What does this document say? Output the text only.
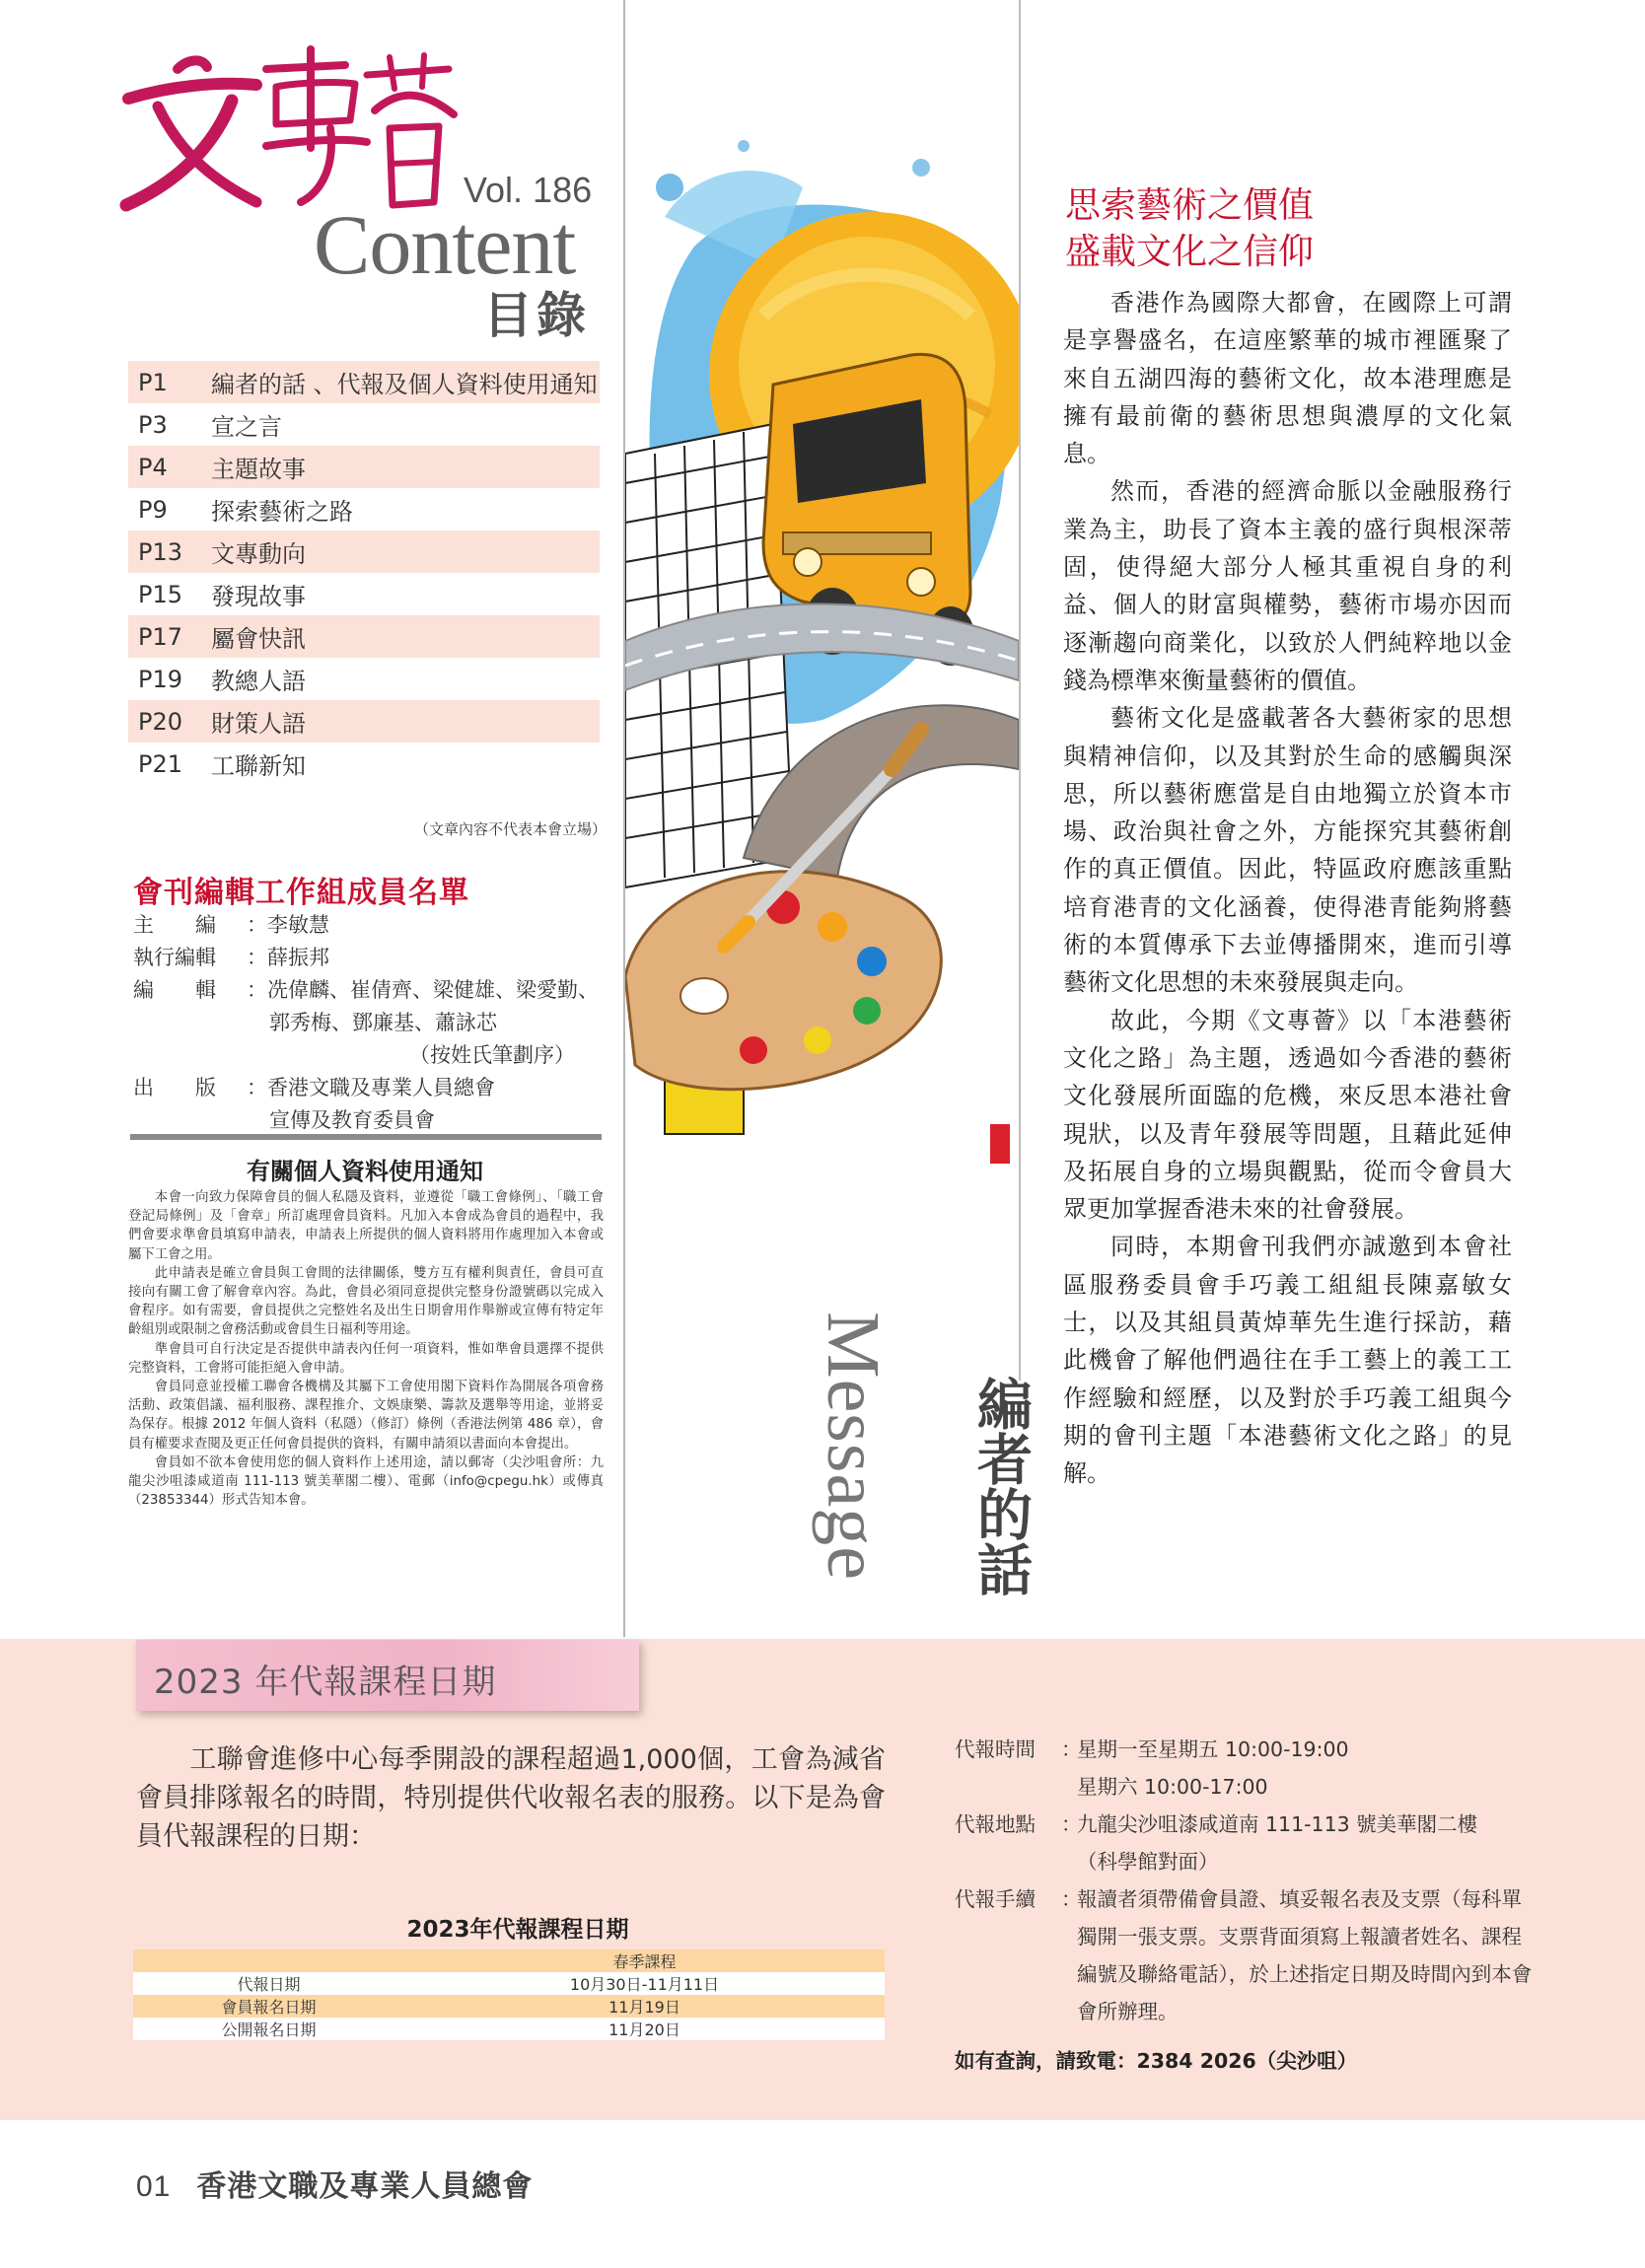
Vol. 186
Content
目錄
P1	編者的話 、代報及個人資料使用通知
P3	宣之言
P4	主題故事
P9	探索藝術之路
P13	文專動向
P15	發現故事
P17	屬會快訊
P19	教總人語
P20	財策人語
P21	工聯新知
（文章內容不代表本會立場）
會刊編輯工作組成員名單
主　　編	： 李敏慧
執行編輯	： 薛振邦
編　　輯	： 冼偉麟、崔倩齊、梁健雄、梁愛勤、
郭秀梅、鄧廉基、蕭詠芯
（按姓氏筆劃序）
出　　版	： 香港文職及專業人員總會
宣傳及教育委員會
有關個人資料使用通知

本會一向致力保障會員的個人私隱及資料，並遵從「職工會條例」、「職工會登記局條例」及「會章」所訂處理會員資料。凡加入本會成為會員的過程中，我們會要求準會員填寫申請表，申請表上所提供的個人資料將用作處理加入本會或屬下工會之用。

此申請表是確立會員與工會間的法律關係，雙方互有權利與責任，會員可直接向有關工會了解會章內容。為此，會員必須同意提供完整身份證號碼以完成入會程序。如有需要，會員提供之完整姓名及出生日期會用作舉辦或宣傳有特定年齡組別或限制之會務活動或會員生日福利等用途。

準會員可自行決定是否提供申請表內任何一項資料，惟如準會員選擇不提供完整資料，工會將可能拒絕入會申請。

會員同意並授權工聯會各機構及其屬下工會使用閣下資料作為開展各項會務活動、政策倡議、福利服務、課程推介、文娛康樂、籌款及選舉等用途，並將妥為保存。根據 2012 年個人資料（私隱）（修訂）條例（香港法例第 486 章），會員有權要求查閱及更正任何會員提供的資料，有關申請須以書面向本會提出。

會員如不欲本會使用您的個人資料作上述用途，請以郵寄（尖沙咀會所：九龍尖沙咀漆咸道南 111-113 號美華閣二樓）、電郵（info@cpegu.hk）或傳真（23853344）形式告知本會。	Message 編者的話
思索藝術之價值
盛載文化之信仰

香港作為國際大都會，在國際上可謂是享譽盛名，在這座繁華的城市裡匯聚了來自五湖四海的藝術文化，故本港理應是擁有最前衛的藝術思想與濃厚的文化氣息。

然而，香港的經濟命脈以金融服務行業為主，助長了資本主義的盛行與根深蒂固，使得絕大部分人極其重視自身的利益、個人的財富與權勢，藝術市場亦因而逐漸趨向商業化，以致於人們純粹地以金錢為標準來衡量藝術的價值。

藝術文化是盛載著各大藝術家的思想與精神信仰，以及其對於生命的感觸與深思，所以藝術應當是自由地獨立於資本市場、政治與社會之外，方能探究其藝術創作的真正價值。因此，特區政府應該重點培育港青的文化涵養，使得港青能夠將藝術的本質傳承下去並傳播開來，進而引導藝術文化思想的未來發展與走向。

故此，今期《文專薈》以「本港藝術文化之路」為主題，透過如今香港的藝術文化發展所面臨的危機，來反思本港社會現狀，以及青年發展等問題，且藉此延伸及拓展自身的立場與觀點，從而令會員大眾更加掌握香港未來的社會發展。

同時，本期會刊我們亦誠邀到本會社區服務委員會手巧義工組組長陳嘉敏女士，以及其組員黃焯華先生進行採訪，藉此機會了解他們過往在手工藝上的義工工作經驗和經歷，以及對於手巧義工組與今期的會刊主題「本港藝術文化之路」的見解。

2023 年代報課程日期
工聯會進修中心每季開設的課程超過1,000個，工會為減省會員排隊報名的時間，特別提供代收報名表的服務。以下是為會員代報課程的日期：
2023年代報課程日期
	春季課程
代報日期	10月30日-11月11日
會員報名日期	11月19日
公開報名日期	11月20日
代報時間	：
星期一至星期五 10:00-19:00
星期六 10:00-17:00
代報地點	：
九龍尖沙咀漆咸道南 111-113 號美華閣二樓
（科學館對面）
代報手續	：
報讀者須帶備會員證、填妥報名表及支票（每科單獨開一張支票。支票背面須寫上報讀者姓名、課程編號及聯絡電話），於上述指定日期及時間內到本會會所辦理。
如有查詢，請致電：2384 2026（尖沙咀）
01 香港文職及專業人員總會
